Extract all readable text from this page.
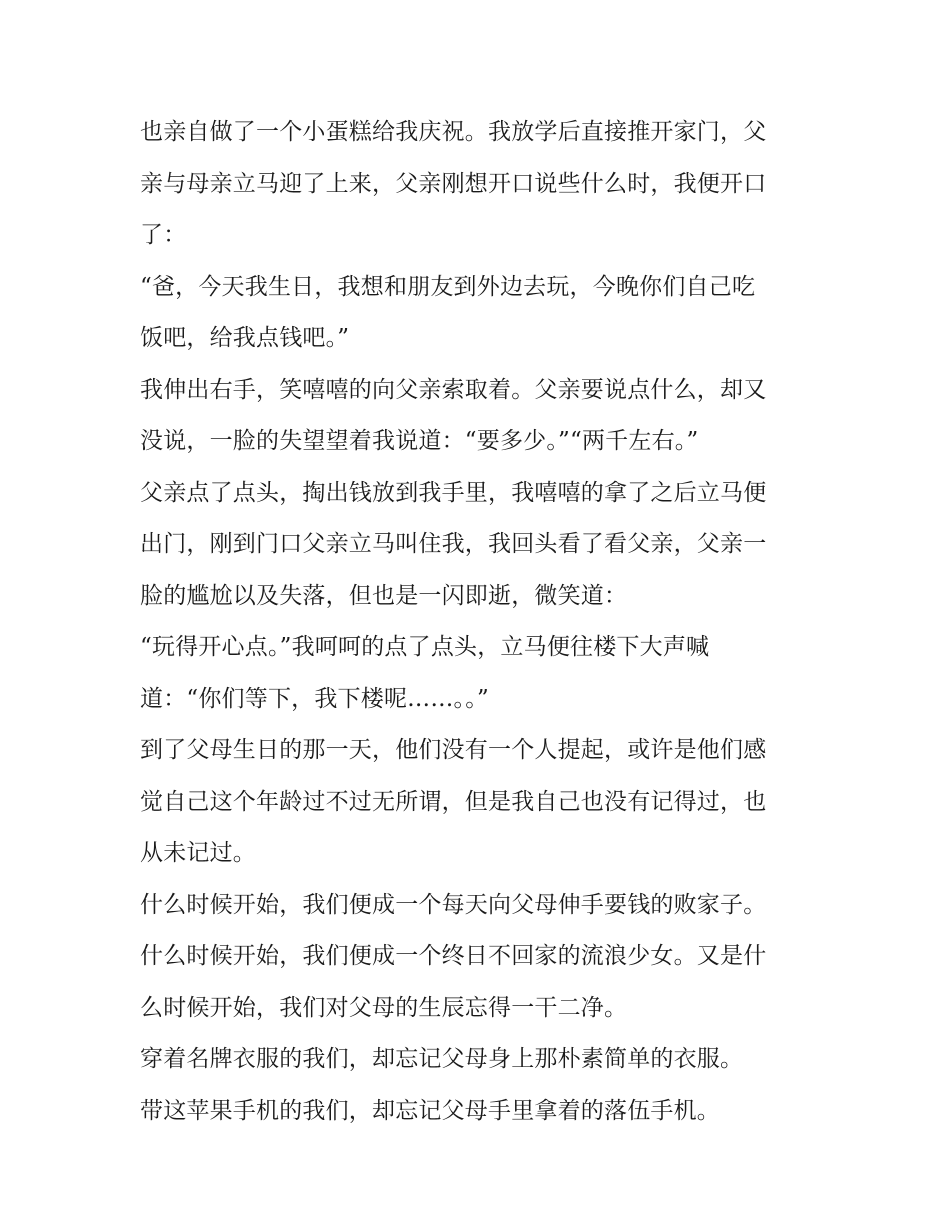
也亲自做了一个小蛋糕给我庆祝。我放学后直接推开家门，父
亲与母亲立马迎了上来，父亲刚想开口说些什么时，我便开口
了：
“爸，今天我生日，我想和朋友到外边去玩，今晚你们自己吃
饭吧，给我点钱吧。”
我伸出右手，笑嘻嘻的向父亲索取着。父亲要说点什么，却又
没说，一脸的失望望着我说道：“要多少。”“两千左右。”
父亲点了点头，掏出钱放到我手里，我嘻嘻的拿了之后立马便
出门，刚到门口父亲立马叫住我，我回头看了看父亲，父亲一
脸的尴尬以及失落，但也是一闪即逝，微笑道：
“玩得开心点。”我呵呵的点了点头，立马便往楼下大声喊
道：“你们等下，我下楼呢……。。”
到了父母生日的那一天，他们没有一个人提起，或许是他们感
觉自己这个年龄过不过无所谓，但是我自己也没有记得过，也
从未记过。
什么时候开始，我们便成一个每天向父母伸手要钱的败家子。
什么时候开始，我们便成一个终日不回家的流浪少女。又是什
么时候开始，我们对父母的生辰忘得一干二净。
穿着名牌衣服的我们，却忘记父母身上那朴素简单的衣服。
带这苹果手机的我们，却忘记父母手里拿着的落伍手机。
